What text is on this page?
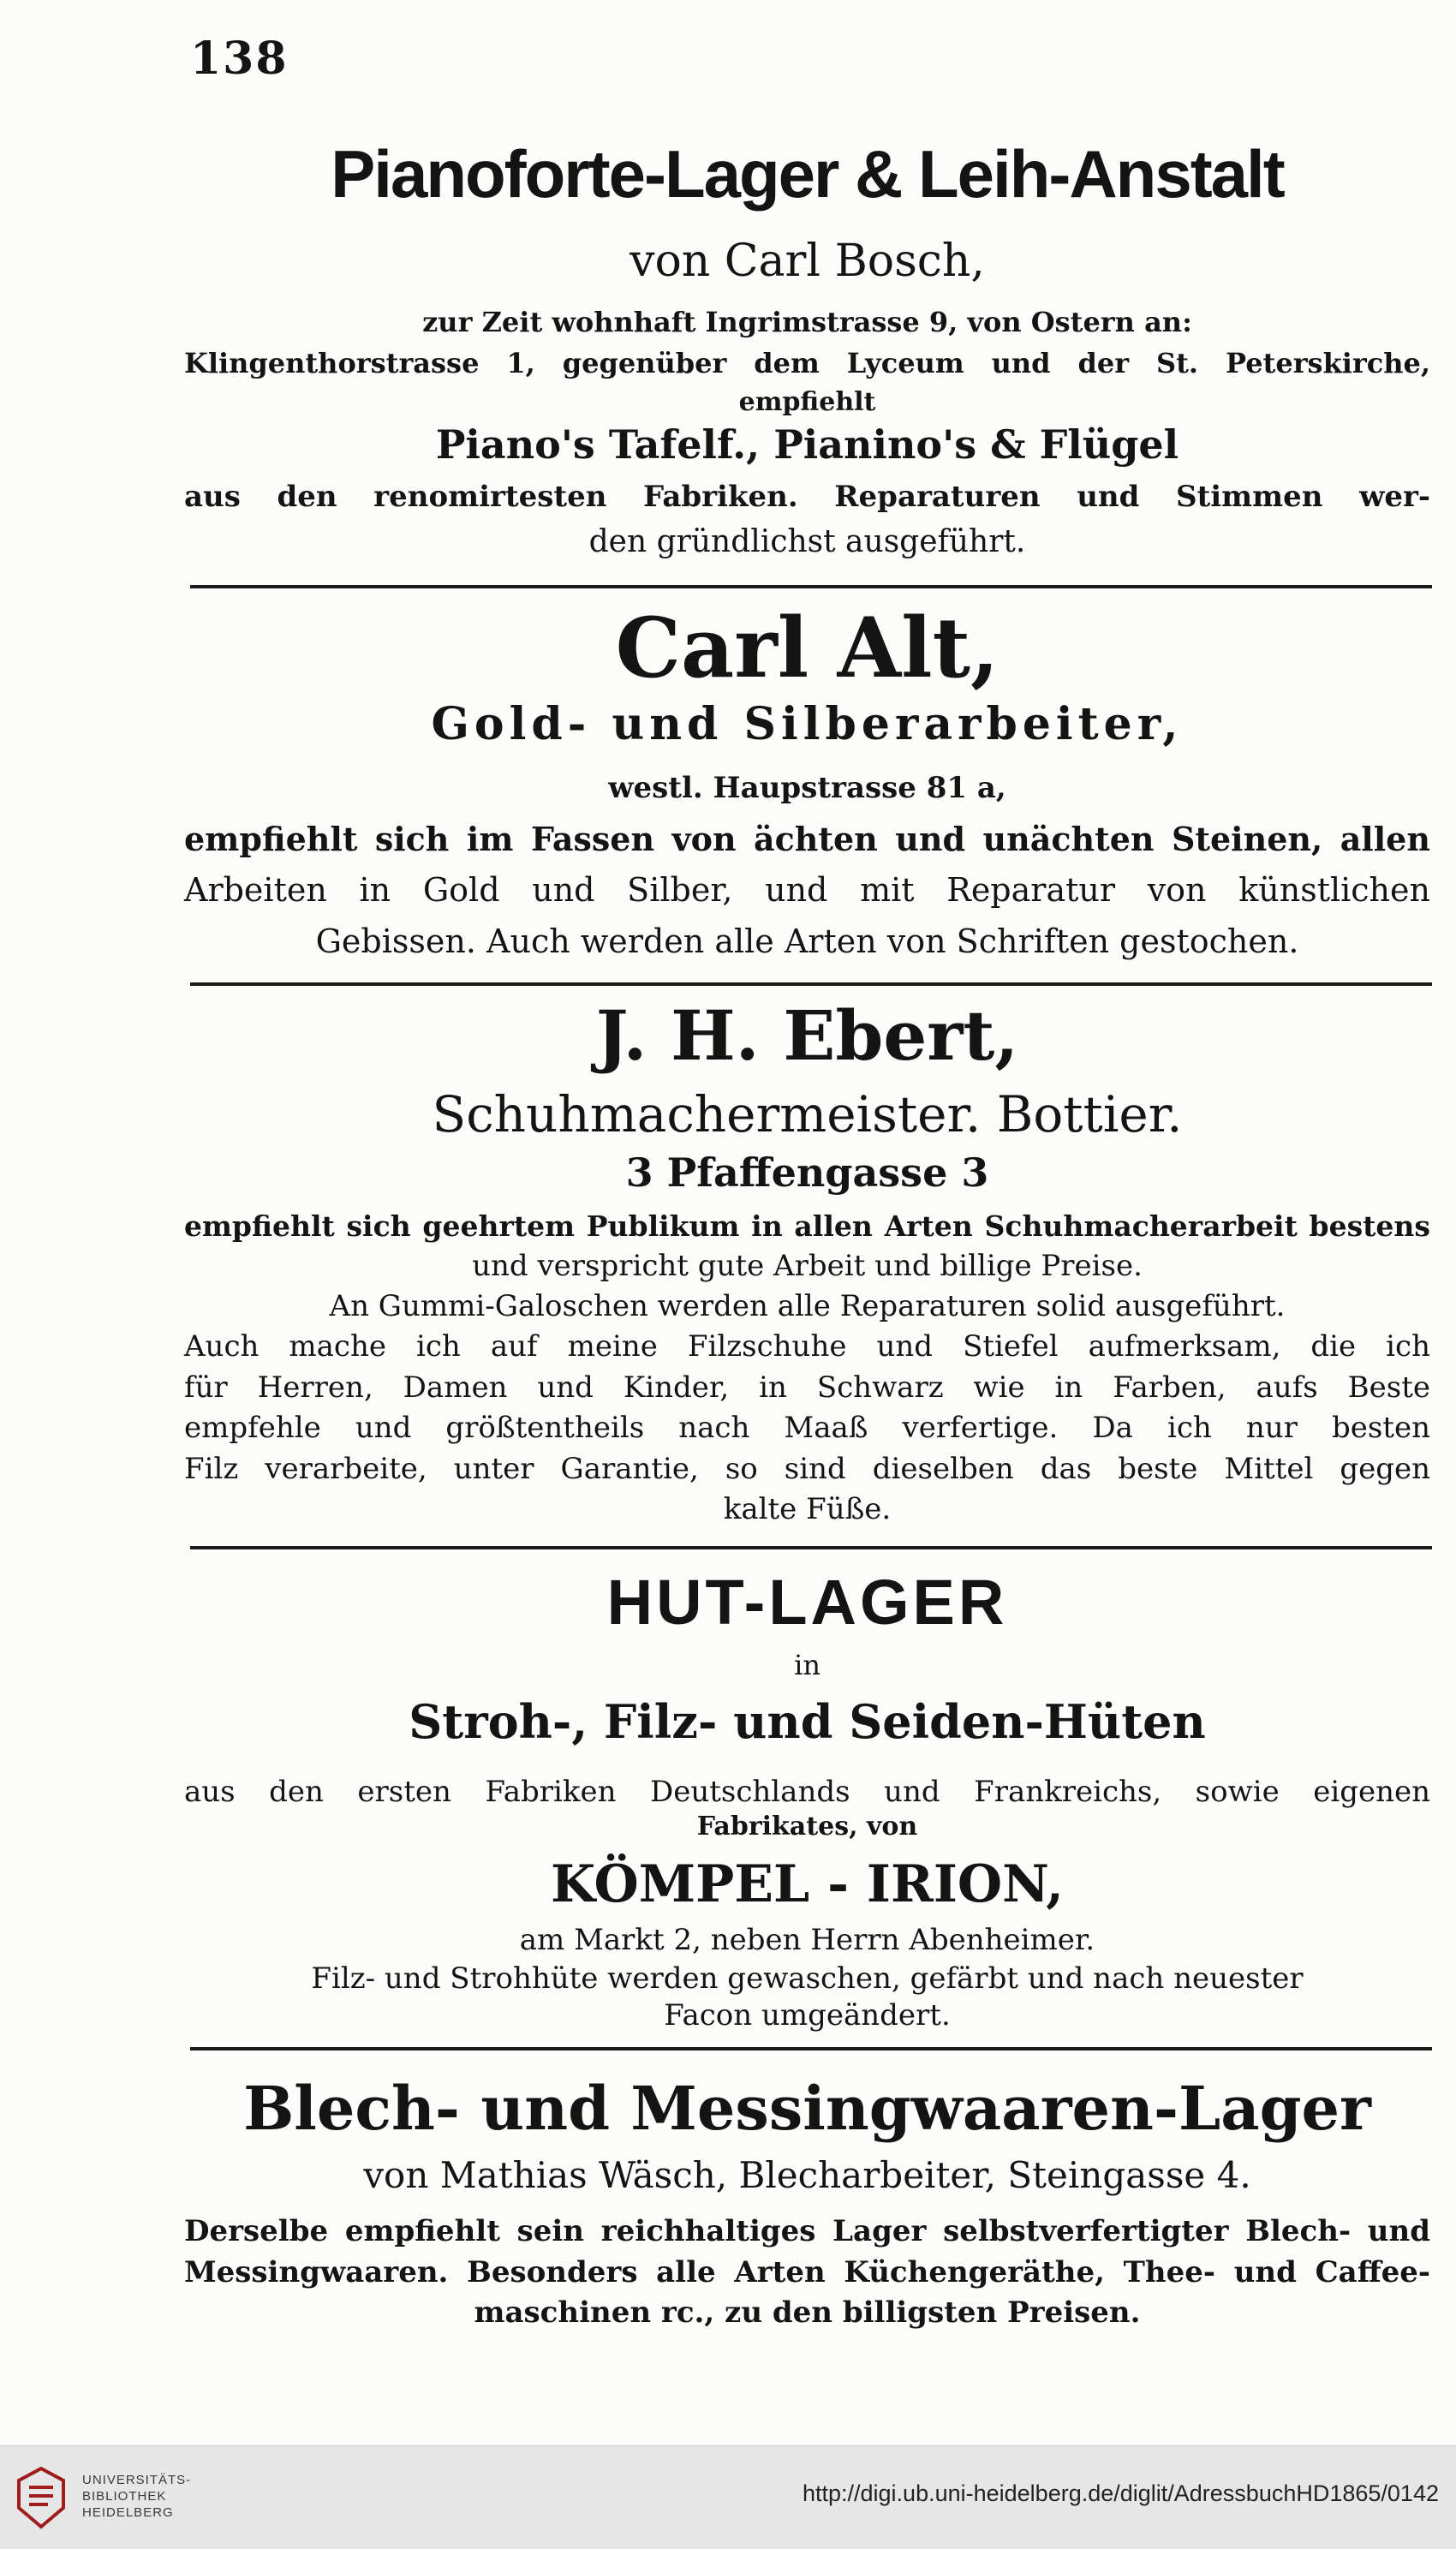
138
Pianoforte-Lager & Leih-Anstalt
von Carl Bosch,
zur Zeit wohnhaft Ingrimstrasse 9, von Ostern an:
Klingenthorstrasse 1, gegenüber dem Lyceum und der St. Peterskirche,
empfiehlt
Piano's Tafelf., Pianino's & Flügel
aus den renomirtesten Fabriken. Reparaturen und Stimmen wer-
den gründlichst ausgeführt.
Carl Alt,
Gold- und Silberarbeiter,
westl. Haupstrasse 81 a,
empfiehlt sich im Fassen von ächten und unächten Steinen, allen
Arbeiten in Gold und Silber, und mit Reparatur von künstlichen
Gebissen. Auch werden alle Arten von Schriften gestochen.
J. H. Ebert,
Schuhmachermeister. Bottier.
3 Pfaffengasse 3
empfiehlt sich geehrtem Publikum in allen Arten Schuhmacherarbeit bestens
und verspricht gute Arbeit und billige Preise.
An Gummi-Galoschen werden alle Reparaturen solid ausgeführt.
Auch mache ich auf meine Filzschuhe und Stiefel aufmerksam, die ich
für Herren, Damen und Kinder, in Schwarz wie in Farben, aufs Beste
empfehle und größtentheils nach Maaß verfertige. Da ich nur besten
Filz verarbeite, unter Garantie, so sind dieselben das beste Mittel gegen
kalte Füße.
HUT-LAGER
in
Stroh-, Filz- und Seiden-Hüten
aus den ersten Fabriken Deutschlands und Frankreichs, sowie eigenen
Fabrikates, von
KÖMPEL - IRION,
am Markt 2, neben Herrn Abenheimer.
Filz- und Strohhüte werden gewaschen, gefärbt und nach neuester
Facon umgeändert.
Blech- und Messingwaaren-Lager
von Mathias Wäsch, Blecharbeiter, Steingasse 4.
Derselbe empfiehlt sein reichhaltiges Lager selbstverfertigter Blech- und
Messingwaaren. Besonders alle Arten Küchengeräthe, Thee- und Caffee-
maschinen rc., zu den billigsten Preisen.
UNIVERSITÄTS-
BIBLIOTHEK
HEIDELBERG
http://digi.ub.uni-heidelberg.de/diglit/AdressbuchHD1865/0142
